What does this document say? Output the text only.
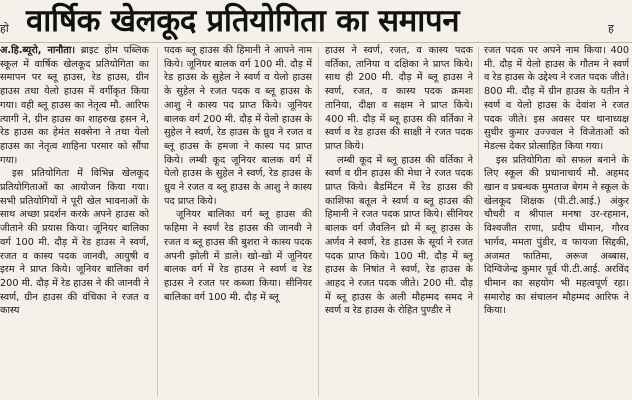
हो वार्षिक खेलकूद प्रतियोगिता का समापन	ह

अ.हि.ब्यूरो, नानौता। ब्राइट होम पब्लिक स्कूल में वार्षिक खेलकूद प्रतियोगिता का समापन पर ब्लू हाउस, रेड हाउस, ग्रीन हाउस तथा येलो हाउस में वर्गीकृत किया गया। वही ब्लू हाउस का नेतृत्व मौ. आरिफ त्यागी ने, ग्रीन हाउस का शाहरुख हसन ने, रेड हाउस का हेमंत सक्सेना ने तथा येलो हाउस का नेतृत्व शाहिना परमार को सौंपा गया।

इस प्रतियोगिता में विभिन्न खेलकूद प्रतियोगिताओं का आयोजन किया गया। सभी प्रतियोगियों ने पूरी खेल भावनाओं के साथ अच्छा प्रदर्शन करके अपने हाउस को जीताने की प्रयास किया। जूनियर बालिका वर्ग 100 मी. दौड़ में रेड हाउस ने स्वर्ण, रजत व कास्य पदक जानवी, आयुषी व इरम ने प्राप्त किये। जूनियर बालिका वर्ग 200 मी. दौड़ में रेड हाउस ने की जानवी ने स्वर्ण, ग्रीन हाउस की वंचिका ने रजत व कास्य

पदक ब्लू हाउस की हिमानी ने आपने नाम किये। जूनियर बालक वर्ग 100 मी. दौड़ में रेड हाउस के सुहेल ने स्वर्ण व येलो हाउस के सुहेल ने रजत पदक व ब्लू हाउस के आशु ने कास्य पद प्राप्त किये। जूनियर बालक वर्ग 200 मी. दौड़ में येलो हाउस के सुहेल ने स्वर्ण, रेड हाउस के ध्रुव ने रजत व ब्लू हाउस के हमजा ने कास्य पद प्राप्त किये। लम्बी कूद जूनियर बालक वर्ग में येलो हाउस के सुहेल ने स्वर्ण, रेड हाउस के ध्रुव ने रजत व ब्लू हाउस के आशु ने कास्य पद प्राप्त किये।

जूनियर बालिका वर्ग ब्लू हाउस की फहिमा ने स्वर्ण रेड हाउस की जानवी ने रजत व ब्लू हाउस की बुशरा ने कास्य पदक अपनी झोली में डाले। खो-खो में जूनियर बालक वर्ग में रेड हाउस ने स्वर्ण व रेड हाउस ने रजत पर कब्जा किया। सीनियर बालिका वर्ग 100 मी. दौड़ में ब्लू

हाउस ने स्वर्ण, रजत, व कास्य पदक वर्तिका, तानिया व दक्षिका ने प्राप्त किये। साथ ही 200 मी. दौड़ में ब्लू हाउस ने स्वर्ण, रजत, व कास्य पदक क्रमशः तानिया, दीक्षा व सक्षम ने प्राप्त किये। 400 मी. दौड़ में ब्लू हाउस की वर्तिका ने स्वर्ण व रेड हाउस की साक्षी ने रजत पदक प्राप्त किये।

लम्बी कूद में ब्लू हाउस की वर्तिका ने स्वर्ण व ग्रीन हाउस की मेधा ने रजत पदक प्राप्त किये। बैडमिंटन में रेड हाउस की काशिफा बतूल ने स्वर्ण व ब्लू हाउस की हिमानी ने रजत पदक प्राप्त किये। सीनियर बालक वर्ग जैवलिन थ्रो में ब्लू हाउस के अर्णव ने स्वर्ण, रेड हाउस के सूर्या ने रजत पदक प्राप्त किये। 100 मी. दौड़ में ब्लू हाउस के निषांत ने स्वर्ण, रेड हाउस के आहद ने रजत पदक जीते। 200 मी. दौड़ में ब्लू हाउस के अली मौहम्मद समद ने स्वर्ण व रेड हाउस के रोहित पुण्डीर ने

रजत पदक पर अपने नाम किया। 400 मी. दौड़ में येलो हाउस के गौतम ने स्वर्ण व रेड हाउस के उद्देश्य ने रजत पदक जीते। 800 मी. दौड़ में ग्रीन हाउस के यतीन ने स्वर्ण व येलो हाउस के देवांश ने रजत पदक जीते। इस अवसर पर थानाध्यक्ष सुधीर कुमार उज्ज्वल ने विजेताओं को मेडल्स देकर प्रोत्साहित किया गया।

इस प्रतियोगिता को सफल बनाने के लिए स्कूल की प्रधानाचार्य मौ. अहमद खान व प्रबन्धक मुमताज बेगम ने स्कूल के खेलकूद शिक्षक (पी.टी.आई.) अंकुर चौधरी व श्रीपाल मनषा उर-रहमान, विश्वजीत राणा, प्रदीप धीमान, गौरव भार्गव, ममता पुंडीर, व फायजा सिद्दकी, अजमत फातिमा, अरूज अब्बास, दिग्विजेन्द्र कुमार पूर्व पी.टी.आई. अरविंद धीमान का सहयोग भी महत्वपूर्ण रहा। समारोह का संचालन मौहम्मद आरिफ ने किया।
